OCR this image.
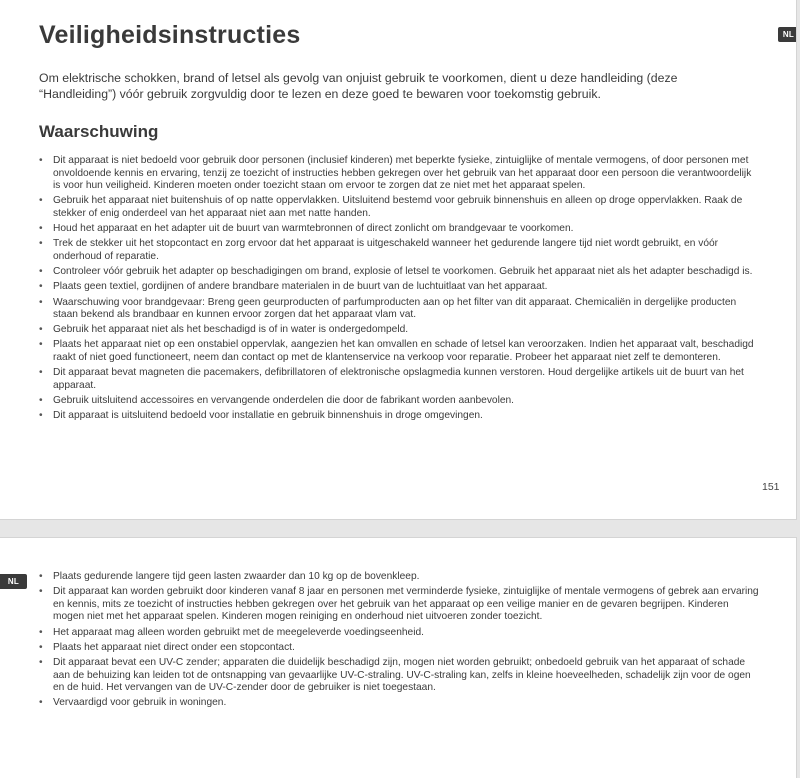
NL
Veiligheidsinstructies

Om elektrische schokken, brand of letsel als gevolg van onjuist gebruik te voorkomen, dient u deze handleiding (deze “Handleiding”) vóór gebruik zorgvuldig door te lezen en deze goed te bewaren voor toekomstig gebruik.

Waarschuwing
• Dit apparaat is niet bedoeld voor gebruik door personen (inclusief kinderen) met beperkte fysieke, zintuiglijke of mentale vermogens, of door personen met onvoldoende kennis en ervaring, tenzij ze toezicht of instructies hebben gekregen over het gebruik van het apparaat door een persoon die verantwoordelijk is voor hun veiligheid. Kinderen moeten onder toezicht staan om ervoor te zorgen dat ze niet met het apparaat spelen.
• Gebruik het apparaat niet buitenshuis of op natte oppervlakken. Uitsluitend bestemd voor gebruik binnenshuis en alleen op droge oppervlakken. Raak de stekker of enig onderdeel van het apparaat niet aan met natte handen.
• Houd het apparaat en het adapter uit de buurt van warmtebronnen of direct zonlicht om brandgevaar te voorkomen.
• Trek de stekker uit het stopcontact en zorg ervoor dat het apparaat is uitgeschakeld wanneer het gedurende langere tijd niet wordt gebruikt, en vóór onderhoud of reparatie.
• Controleer vóór gebruik het adapter op beschadigingen om brand, explosie of letsel te voorkomen. Gebruik het apparaat niet als het adapter beschadigd is.
• Plaats geen textiel, gordijnen of andere brandbare materialen in de buurt van de luchtuitlaat van het apparaat.
• Waarschuwing voor brandgevaar: Breng geen geurproducten of parfumproducten aan op het filter van dit apparaat. Chemicaliën in dergelijke producten staan bekend als brandbaar en kunnen ervoor zorgen dat het apparaat vlam vat.
• Gebruik het apparaat niet als het beschadigd is of in water is ondergedompeld.
• Plaats het apparaat niet op een onstabiel oppervlak, aangezien het kan omvallen en schade of letsel kan veroorzaken. Indien het apparaat valt, beschadigd raakt of niet goed functioneert, neem dan contact op met de klantenservice na verkoop voor reparatie. Probeer het apparaat niet zelf te demonteren.
• Dit apparaat bevat magneten die pacemakers, defibrillatoren of elektronische opslagmedia kunnen verstoren. Houd dergelijke artikels uit de buurt van het apparaat.
• Gebruik uitsluitend accessoires en vervangende onderdelen die door de fabrikant worden aanbevolen.
• Dit apparaat is uitsluitend bedoeld voor installatie en gebruik binnenshuis in droge omgevingen.
151
• Plaats gedurende langere tijd geen lasten zwaarder dan 10 kg op de bovenkleep.
• Dit apparaat kan worden gebruikt door kinderen vanaf 8 jaar en personen met verminderde fysieke, zintuiglijke of mentale vermogens of gebrek aan ervaring en kennis, mits ze toezicht of instructies hebben gekregen over het gebruik van het apparaat op een veilige manier en de gevaren begrijpen. Kinderen mogen niet met het apparaat spelen. Kinderen mogen reiniging en onderhoud niet uitvoeren zonder toezicht.
• Het apparaat mag alleen worden gebruikt met de meegeleverde voedingseenheid.
• Plaats het apparaat niet direct onder een stopcontact.
• Dit apparaat bevat een UV-C zender; apparaten die duidelijk beschadigd zijn, mogen niet worden gebruikt; onbedoeld gebruik van het apparaat of schade aan de behuizing kan leiden tot de ontsnapping van gevaarlijke UV-C-straling. UV-C-straling kan, zelfs in kleine hoeveelheden, schadelijk zijn voor de ogen en de huid. Het vervangen van de UV-C-zender door de gebruiker is niet toegestaan.
• Vervaardigd voor gebruik in woningen.
NL
